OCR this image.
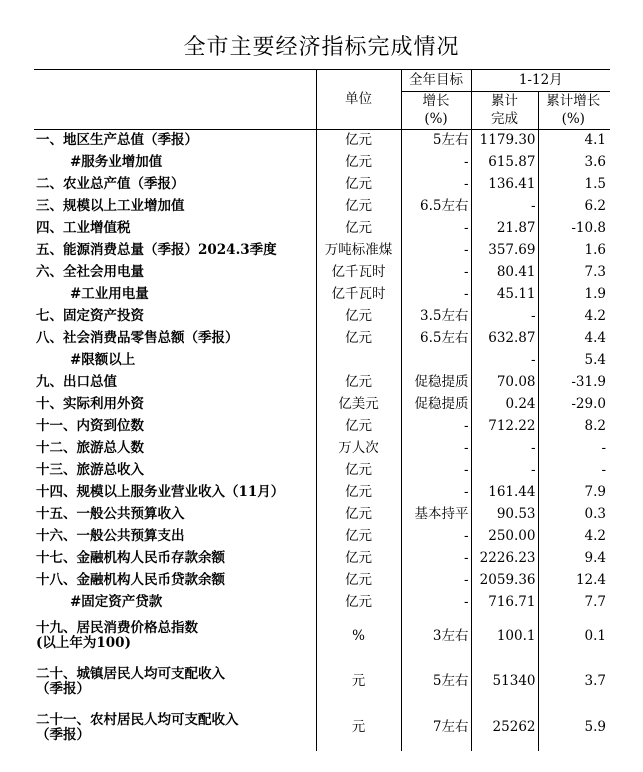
全市主要经济指标完成情况
	单位	全年目标	1-12月	
		增长	累计	累计增长
		(%)	完成	(%)
一、地区生产总值（季报）	亿元	5左右	1179.30	4.1
#服务业增加值	亿元	-	615.87	3.6
二、农业总产值（季报）	亿元	-	136.41	1.5
三、规模以上工业增加值	亿元	6.5左右	-	6.2
四、工业增值税	亿元	-	21.87	-10.8
五、能源消费总量（季报）2024.3季度	万吨标准煤	-	357.69	1.6
六、全社会用电量	亿千瓦时	-	80.41	7.3
#工业用电量	亿千瓦时	-	45.11	1.9
七、固定资产投资	亿元	3.5左右	-	4.2
八、社会消费品零售总额（季报）	亿元	6.5左右	632.87	4.4
#限额以上			-	5.4
九、出口总值	亿元	促稳提质	70.08	-31.9
十、实际利用外资	亿美元	促稳提质	0.24	-29.0
十一、内资到位数	亿元	-	712.22	8.2
十二、旅游总人数	万人次	-	-	-
十三、旅游总收入	亿元	-	-	-
十四、规模以上服务业营业收入（11月）	亿元	-	161.44	7.9
十五、一般公共预算收入	亿元	基本持平	90.53	0.3
十六、一般公共预算支出	亿元	-	250.00	4.2
十七、金融机构人民币存款余额	亿元	-	2226.23	9.4
十八、金融机构人民币贷款余额	亿元	-	2059.36	12.4
#固定资产贷款	亿元	-	716.71	7.7

十九、居民消费价格总指数
(以上年为100)	%	3左右	100.1	0.1

二十、城镇居民人均可支配收入
（季报）	元	5左右	51340	3.7

二十一、农村居民人均可支配收入
（季报）	元	7左右	25262	5.9
